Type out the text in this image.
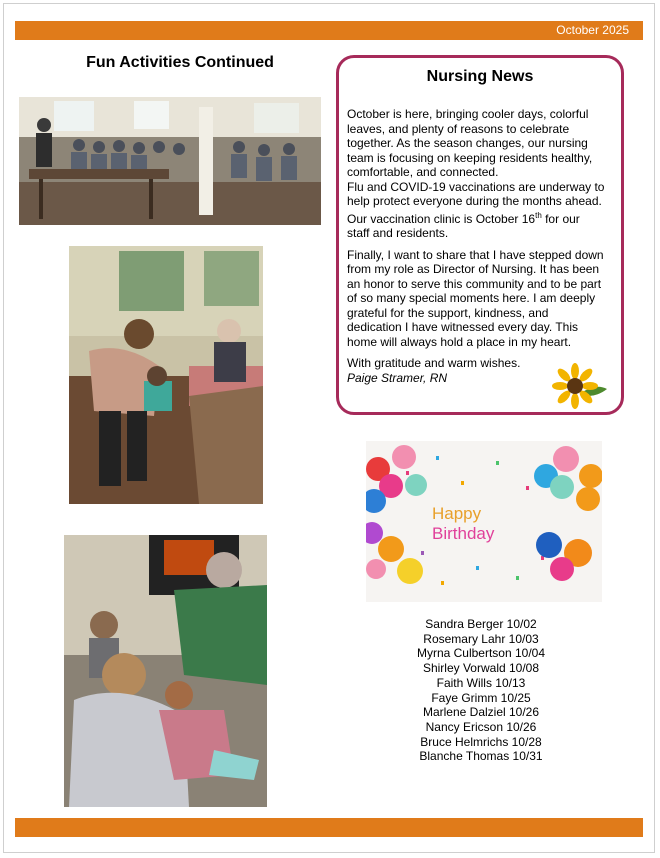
October 2025
Fun Activities Continued
Nursing News

October is here, bringing cooler days, colorful
leaves, and plenty of reasons to celebrate
together. As the season changes, our nursing
team is focusing on keeping residents healthy,
comfortable, and connected.

Flu and COVID-19 vaccinations are underway to
help protect everyone during the months ahead.
Our vaccination clinic is October 16th for our
staff and residents.

Finally, I want to share that I have stepped down
from my role as Director of Nursing. It has been
an honor to serve this community and to be part
of so many special moments here. I am deeply
grateful for the support, kindness, and
dedication I have witnessed every day. This
home will always hold a place in my heart.

With gratitude and warm wishes.

Paige Stramer, RN

Happy
Birthday
Sandra Berger 10/02
Rosemary Lahr 10/03
Myrna Culbertson 10/04
Shirley Vorwald 10/08
Faith Wills 10/13
Faye Grimm 10/25
Marlene Dalziel 10/26
Nancy Ericson 10/26
Bruce Helmrichs 10/28
Blanche Thomas 10/31
